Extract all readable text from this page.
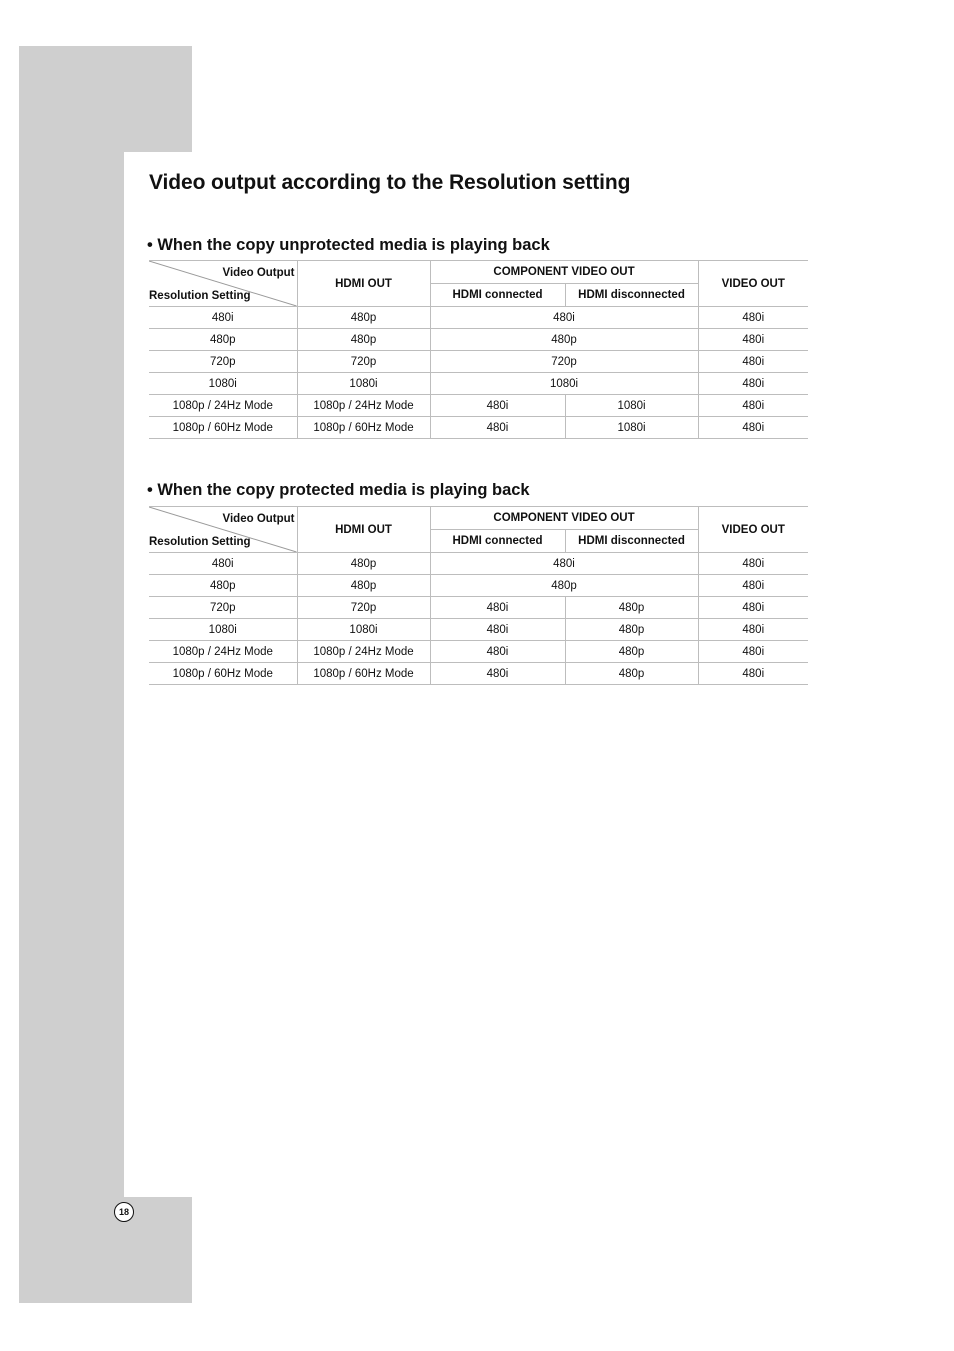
Video output according to the Resolution setting
• When the copy unprotected media is playing back
Video Output
Resolution Setting	HDMI OUT	COMPONENT VIDEO OUT		VIDEO OUT
		HDMI connected	HDMI disconnected	
480i	480p	480i		480i
480p	480p	480p		480i
720p	720p	720p		480i
1080i	1080i	1080i		480i
1080p / 24Hz Mode	1080p / 24Hz Mode	480i	1080i	480i
1080p / 60Hz Mode	1080p / 60Hz Mode	480i	1080i	480i
• When the copy protected media is playing back
Video Output
Resolution Setting	HDMI OUT	COMPONENT VIDEO OUT		VIDEO OUT
		HDMI connected	HDMI disconnected	
480i	480p	480i		480i
480p	480p	480p		480i
720p	720p	480i	480p	480i
1080i	1080i	480i	480p	480i
1080p / 24Hz Mode	1080p / 24Hz Mode	480i	480p	480i
1080p / 60Hz Mode	1080p / 60Hz Mode	480i	480p	480i
18
